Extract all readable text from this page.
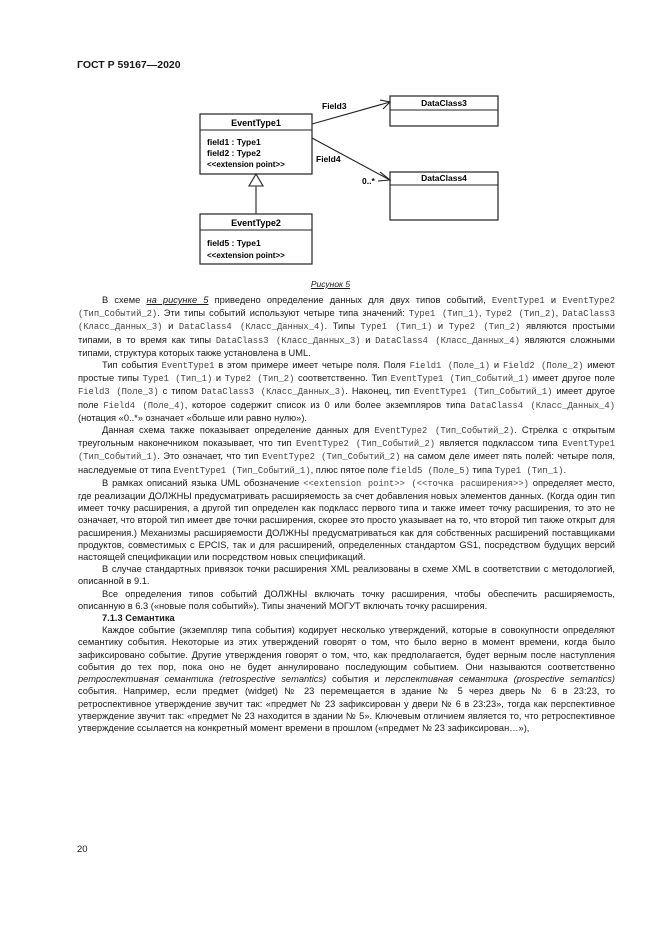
ГОСТ Р 59167—2020
EventType1
field1 : Type1
field2 : Type2
<<extension point>>
EventType2
field5 : Type1
<<extension point>>
DataClass3
DataClass4
Field3
Field4
0..*
Рисунок 5

В схеме на рисунке 5 приведено определение данных для двух типов событий, EventType1 и EventType2 (Тип_Событий_2). Эти типы событий используют четыре типа значений: Type1 (Тип_1), Type2 (Тип_2), DataClass3 (Класс_Данных_3) и DataClass4 (Класс_Данных_4). Типы Type1 (Тип_1) и Type2 (Тип_2) являются простыми типами, в то время как типы DataClass3 (Класс_Данных_3) и DataClass4 (Класс_Данных_4) являются сложными типами, структура которых также установлена в UML.

Тип события EventType1 в этом примере имеет четыре поля. Поля Field1 (Поле_1) и Field2 (Поле_2) имеют простые типы Type1 (Тип_1) и Type2 (Тип_2) соответственно. Тип EventType1 (Тип_Событий_1) имеет другое поле Field3 (Поле_3) с типом DataClass3 (Класс_Данных_3). Наконец, тип EventType1 (Тип_Событий_1) имеет другое поле Field4 (Поле_4), которое содержит список из 0 или более экземпляров типа DataClass4 (Класс_Данных_4) (нотация «0..*» означает «больше или равно нулю»).

Данная схема также показывает определение данных для EventType2 (Тип_Событий_2). Стрелка с открытым треугольным наконечником показывает, что тип EventType2 (Тип_Событий_2) является подклассом типа EventType1 (Тип_Событий_1). Это означает, что тип EventType2 (Тип_Событий_2) на самом деле имеет пять полей: четыре поля, наследуемые от типа EventType1 (Тип_Событий_1), плюс пятое поле field5 (Поле_5) типа Type1 (Тип_1).

В рамках описаний языка UML обозначение <<extension point>> (<<точка расширения>>) определяет место, где реализации ДОЛЖНЫ предусматривать расширяемость за счет добавления новых элементов данных. (Когда один тип имеет точку расширения, а другой тип определен как подкласс первого типа и также имеет точку расширения, то это не означает, что второй тип имеет две точки расширения, скорее это просто указывает на то, что второй тип также открыт для расширения.) Механизмы расширяемости ДОЛЖНЫ предусматриваться как для собственных расширений поставщиками продуктов, совместимых с EPCIS, так и для расширений, определенных стандартом GS1, посредством будущих версий настоящей спецификации или посредством новых спецификаций.

В случае стандартных привязок точки расширения XML реализованы в схеме XML в соответствии с методологией, описанной в 9.1.

Все определения типов событий ДОЛЖНЫ включать точку расширения, чтобы обеспечить расширяемость, описанную в 6.3 («новые поля событий»). Типы значений МОГУТ включать точку расширения.

7.1.3 Семантика

Каждое событие (экземпляр типа события) кодирует несколько утверждений, которые в совокупности определяют семантику события. Некоторые из этих утверждений говорят о том, что было верно в момент времени, когда было зафиксировано событие. Другие утверждения говорят о том, что, как предполагается, будет верным после наступления события до тех пор, пока оно не будет аннулировано последующим событием. Они называются соответственно ретроспективная семантика (retrospective semantics) события и перспективная семантика (prospective semantics) события. Например, если предмет (widget) № 23 перемещается в здание № 5 через дверь № 6 в 23:23, то ретроспективное утверждение звучит так: «предмет № 23 зафиксирован у двери № 6 в 23:23», тогда как перспективное утверждение звучит так: «предмет № 23 находится в здании № 5». Ключевым отличием является то, что ретроспективное утверждение ссылается на конкретный момент времени в прошлом («предмет № 23 зафиксирован…»),

20
